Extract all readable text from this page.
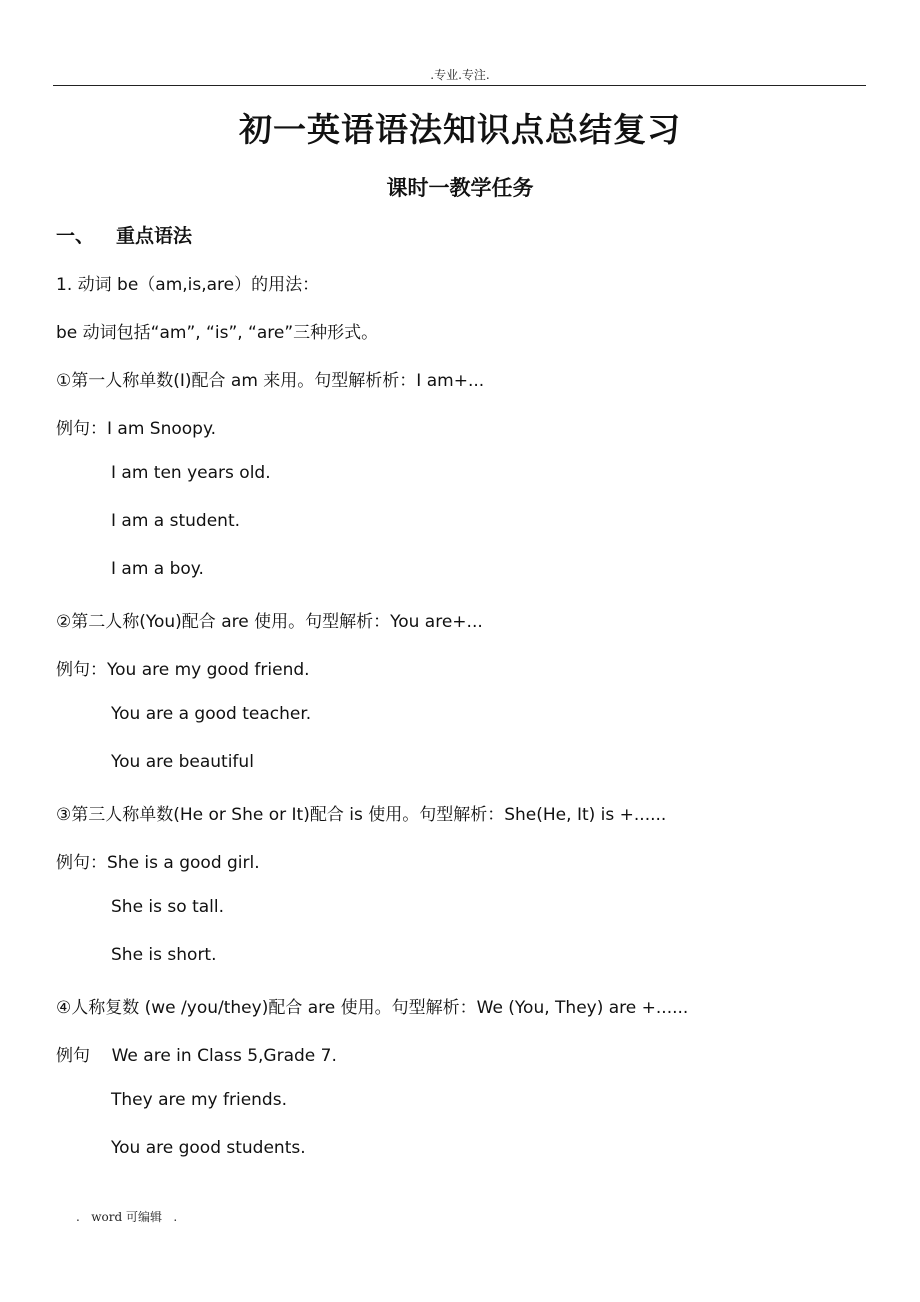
.专业.专注.
初一英语语法知识点总结复习
课时一教学任务
一、 重点语法
1. 动词 be（am,is,are）的用法：
be 动词包括“am”, “is”, “are”三种形式。
①第一人称单数(I)配合 am 来用。句型解析析：I am+...
例句：I am Snoopy.
I am ten years old.
I am a student.
I am a boy.
②第二人称(You)配合 are 使用。句型解析：You are+...
例句：You are my good friend.
You are a good teacher.
You are beautiful
③第三人称单数(He or She or It)配合 is 使用。句型解析：She(He, It) is +......
例句：She is a good girl.
She is so tall.
She is short.
④人称复数 (we /you/they)配合 are 使用。句型解析：We (You, They) are +......
例句    We are in Class 5,Grade 7.
They are my friends.
You are good students.
.   word 可编辑   .
